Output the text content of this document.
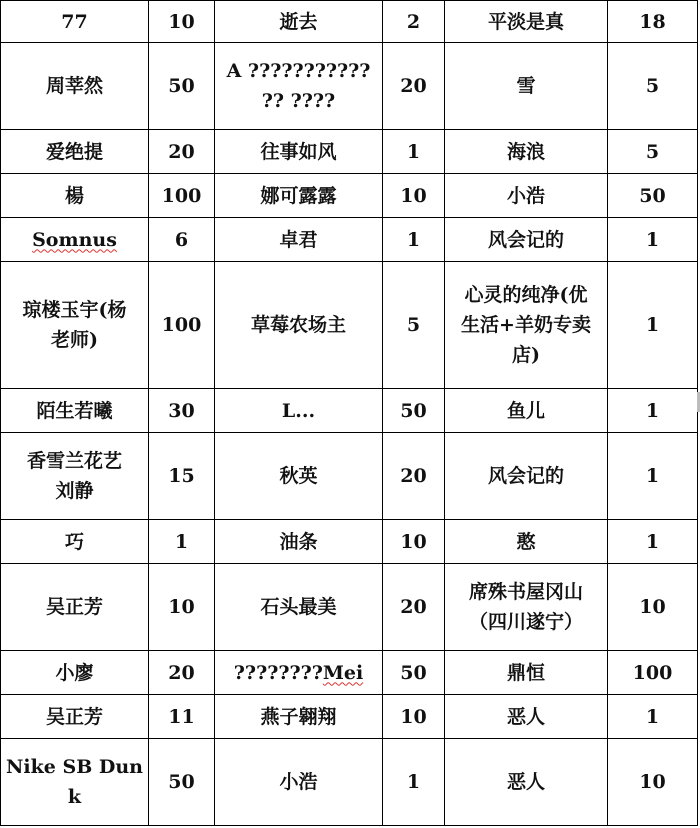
77	10	逝去	2	平淡是真	18
周莘然	50	A ???????????
?? ????	20	雪	5
爱绝提	20	往事如风	1	海浪	5
楊	100	娜可露露	10	小浩	50
Somnus	6	卓君	1	风会记的	1
琼楼玉宇(杨
老师)	100	草莓农场主	5	心灵的纯净(优
生活+羊奶专卖
店)	1
陌生若曦	30	L...	50	鱼儿	1
香雪兰花艺
刘静	15	秋英	20	风会记的	1
巧	1	油条	10	憨	1
吴正芳	10	石头最美	20	席殊书屋冈山
（四川遂宁）	10
小廖	20	????????Mei	50	鼎恒	100
吴正芳	11	燕子翱翔	10	恶人	1
Nike SB Dun
k	50	小浩	1	恶人	10
